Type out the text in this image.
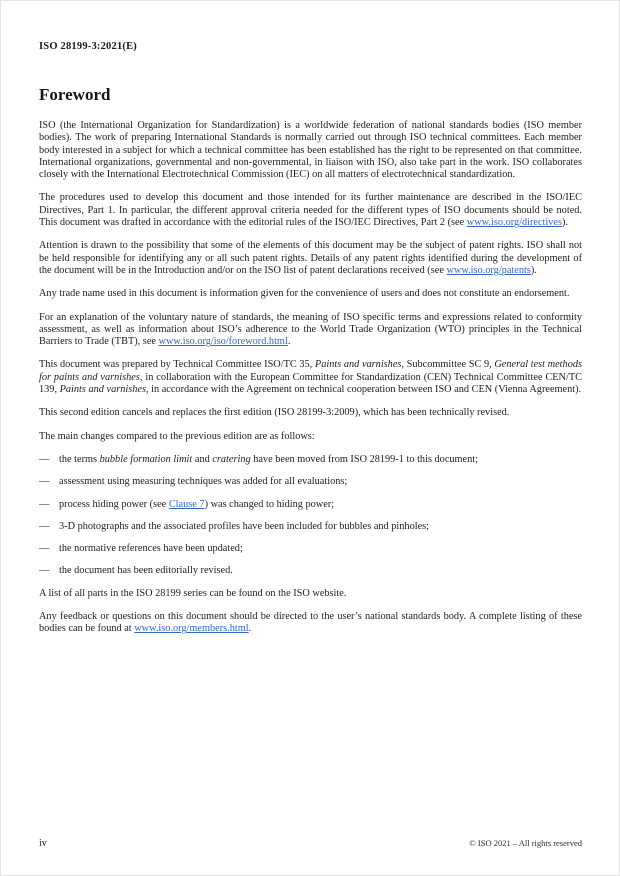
ISO 28199-3:2021(E)
Foreword

ISO (the International Organization for Standardization) is a worldwide federation of national standards bodies (ISO member bodies). The work of preparing International Standards is normally carried out through ISO technical committees. Each member body interested in a subject for which a technical committee has been established has the right to be represented on that committee. International organizations, governmental and non-governmental, in liaison with ISO, also take part in the work. ISO collaborates closely with the International Electrotechnical Commission (IEC) on all matters of electrotechnical standardization.

The procedures used to develop this document and those intended for its further maintenance are described in the ISO/IEC Directives, Part 1. In particular, the different approval criteria needed for the different types of ISO documents should be noted. This document was drafted in accordance with the editorial rules of the ISO/IEC Directives, Part 2 (see www.iso.org/directives).

Attention is drawn to the possibility that some of the elements of this document may be the subject of patent rights. ISO shall not be held responsible for identifying any or all such patent rights. Details of any patent rights identified during the development of the document will be in the Introduction and/or on the ISO list of patent declarations received (see www.iso.org/patents).

Any trade name used in this document is information given for the convenience of users and does not constitute an endorsement.

For an explanation of the voluntary nature of standards, the meaning of ISO specific terms and expressions related to conformity assessment, as well as information about ISO’s adherence to the World Trade Organization (WTO) principles in the Technical Barriers to Trade (TBT), see www.iso.org/iso/foreword.html.

This document was prepared by Technical Committee ISO/TC 35, Paints and varnishes, Subcommittee SC 9, General test methods for paints and varnishes, in collaboration with the European Committee for Standardization (CEN) Technical Committee CEN/TC 139, Paints and varnishes, in accordance with the Agreement on technical cooperation between ISO and CEN (Vienna Agreement).

This second edition cancels and replaces the first edition (ISO 28199-3:2009), which has been technically revised.

The main changes compared to the previous edition are as follows:

— the terms bubble formation limit and cratering have been moved from ISO 28199-1 to this document;
— assessment using measuring techniques was added for all evaluations;
— process hiding power (see Clause 7) was changed to hiding power;
— 3-D photographs and the associated profiles have been included for bubbles and pinholes;
— the normative references have been updated;
— the document has been editorially revised.

A list of all parts in the ISO 28199 series can be found on the ISO website.

Any feedback or questions on this document should be directed to the user’s national standards body. A complete listing of these bodies can be found at www.iso.org/members.html.

iv	© ISO 2021 – All rights reserved
